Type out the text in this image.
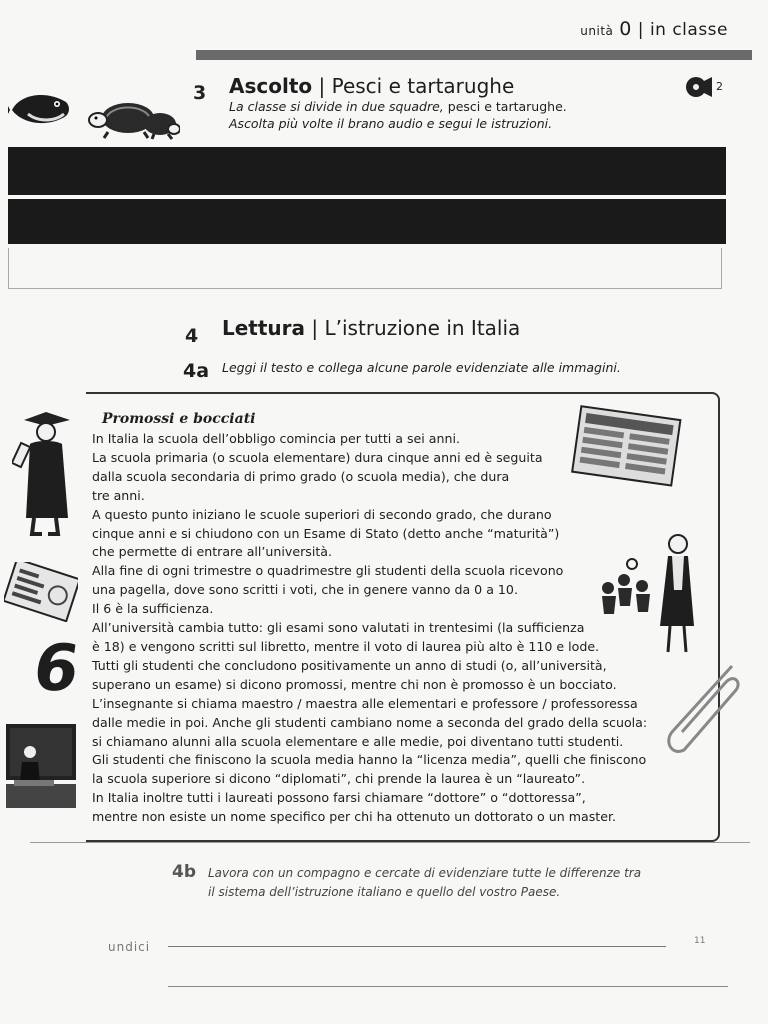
unità 0 | in classe
3 Ascolto | Pesci e tartarughe
La classe si divide in due squadre, pesci e tartarughe.
Ascolta più volte il brano audio e segui le istruzioni.
2
4 Lettura | L’istruzione in Italia
4a Leggi il testo e collega alcune parole evidenziate alle immagini.
Promossi e bocciati
In Italia la scuola dell’obbligo comincia per tutti a sei anni.
La scuola primaria (o scuola elementare) dura cinque anni ed è seguita
dalla scuola secondaria di primo grado (o scuola media), che dura
tre anni.
A questo punto iniziano le scuole superiori di secondo grado, che durano
cinque anni e si chiudono con un Esame di Stato (detto anche “maturità”)
che permette di entrare all’università.
Alla fine di ogni trimestre o quadrimestre gli studenti della scuola ricevono
una pagella, dove sono scritti i voti, che in genere vanno da 0 a 10.
Il 6 è la sufficienza.
All’università cambia tutto: gli esami sono valutati in trentesimi (la sufficienza
è 18) e vengono scritti sul libretto, mentre il voto di laurea più alto è 110 e lode.
Tutti gli studenti che concludono positivamente un anno di studi (o, all’università,
superano un esame) si dicono promossi, mentre chi non è promosso è un bocciato.
L’insegnante si chiama maestro / maestra alle elementari e professore / professoressa
dalle medie in poi. Anche gli studenti cambiano nome a seconda del grado della scuola:
si chiamano alunni alla scuola elementare e alle medie, poi diventano tutti studenti.
Gli studenti che finiscono la scuola media hanno la “licenza media”, quelli che finiscono
la scuola superiore si dicono “diplomati”, chi prende la laurea è un “laureato”.
In Italia inoltre tutti i laureati possono farsi chiamare “dottore” o “dottoressa”,
mentre non esiste un nome specifico per chi ha ottenuto un dottorato o un master.
6
4b Lavora con un compagno e cercate di evidenziare tutte le differenze tra
il sistema dell’istruzione italiano e quello del vostro Paese.
undici	11
